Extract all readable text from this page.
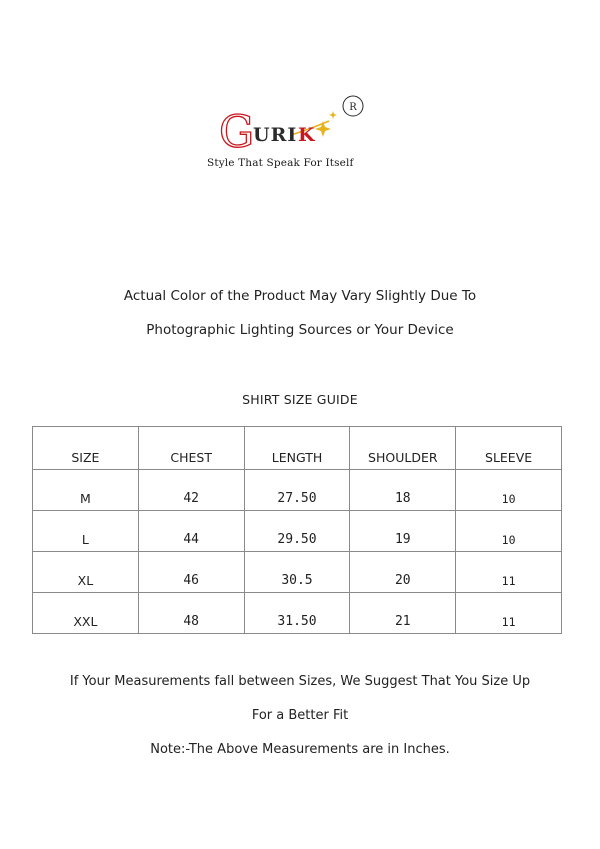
R
G
URI K
Style That Speak For Itself
Actual Color of the Product May Vary Slightly Due To
Photographic Lighting Sources or Your Device
SHIRT SIZE GUIDE
SIZE	CHEST	LENGTH	SHOULDER	SLEEVE
M	42	27.50	18	10
L	44	29.50	19	10
XL	46	30.5	20	11
XXL	48	31.50	21	11
If Your Measurements fall between Sizes, We Suggest That You Size Up
For a Better Fit
Note:-The Above Measurements are in Inches.
